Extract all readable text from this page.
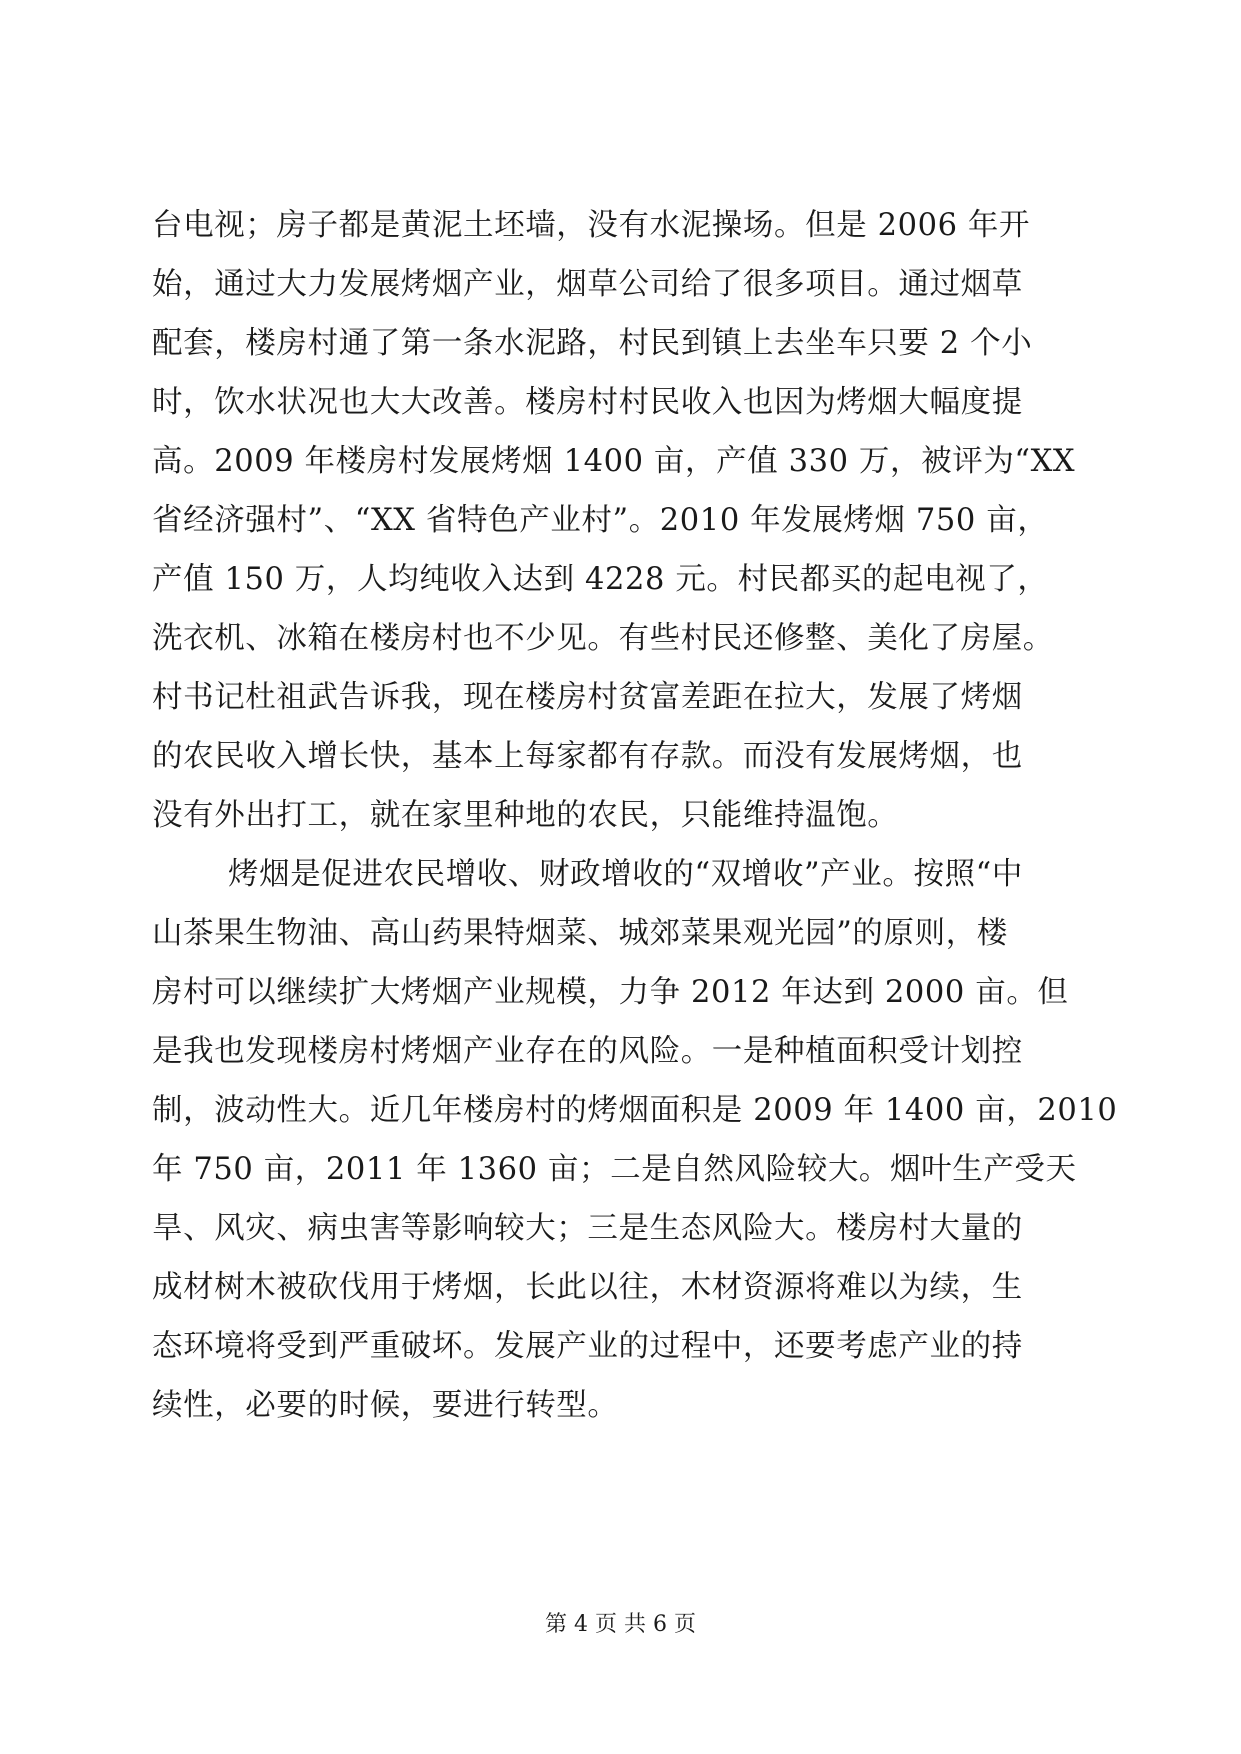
台电视；房子都是黄泥土坯墙，没有水泥操场。但是 2006 年开
始，通过大力发展烤烟产业，烟草公司给了很多项目。通过烟草
配套，楼房村通了第一条水泥路，村民到镇上去坐车只要 2 个小
时，饮水状况也大大改善。楼房村村民收入也因为烤烟大幅度提
高。2009 年楼房村发展烤烟 1400 亩，产值 330 万，被评为“XX
省经济强村”、“XX 省特色产业村”。2010 年发展烤烟 750 亩，
产值 150 万，人均纯收入达到 4228 元。村民都买的起电视了，
洗衣机、冰箱在楼房村也不少见。有些村民还修整、美化了房屋。
村书记杜祖武告诉我，现在楼房村贫富差距在拉大，发展了烤烟
的农民收入增长快，基本上每家都有存款。而没有发展烤烟，也
没有外出打工，就在家里种地的农民，只能维持温饱。
烤烟是促进农民增收、财政增收的“双增收”产业。按照“中
山茶果生物油、高山药果特烟菜、城郊菜果观光园”的原则，楼
房村可以继续扩大烤烟产业规模，力争 2012 年达到 2000 亩。但
是我也发现楼房村烤烟产业存在的风险。一是种植面积受计划控
制，波动性大。近几年楼房村的烤烟面积是 2009 年 1400 亩，2010
年 750 亩，2011 年 1360 亩；二是自然风险较大。烟叶生产受天
旱、风灾、病虫害等影响较大；三是生态风险大。楼房村大量的
成材树木被砍伐用于烤烟，长此以往，木材资源将难以为续，生
态环境将受到严重破坏。发展产业的过程中，还要考虑产业的持
续性，必要的时候，要进行转型。
第 4 页 共 6 页
